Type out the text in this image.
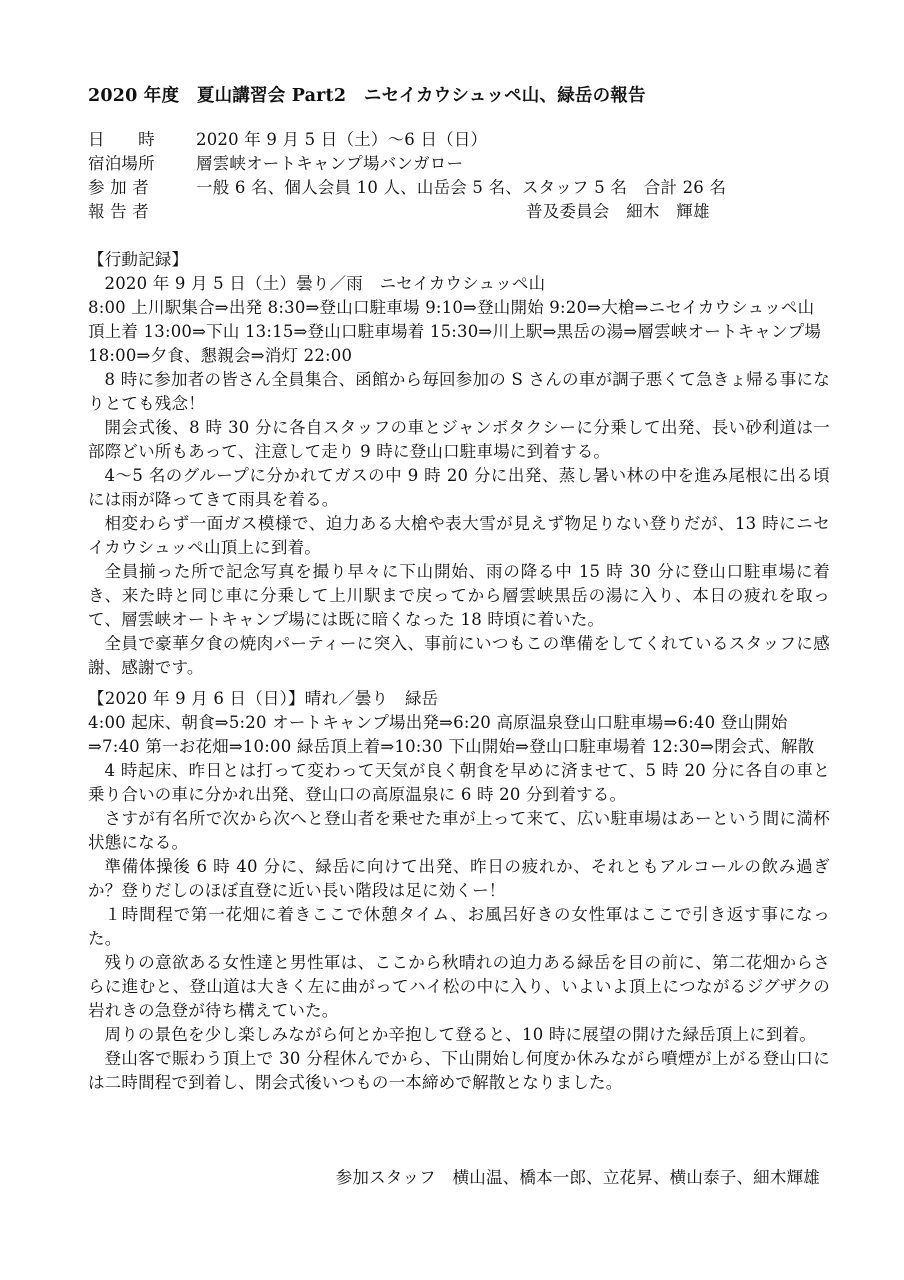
2020 年度　夏山講習会 Part2　ニセイカウシュッペ山、緑岳の報告
日　　時	2020 年 9 月 5 日（土）～6 日（日）
宿泊場所	層雲峡オートキャンプ場バンガロー
参 加 者	一般 6 名、個人会員 10 人、山岳会 5 名、スタッフ 5 名　合計 26 名
報 告 者	普及委員会　細木　輝雄

【行動記録】

2020 年 9 月 5 日（土）曇り／雨　ニセイカウシュッペ山

8:00 上川駅集合⇒出発 8:30⇒登山口駐車場 9:10⇒登山開始 9:20⇒大槍⇒ニセイカウシュッペ山頂上着 13:00⇒下山 13:15⇒登山口駐車場着 15:30⇒川上駅⇒黒岳の湯⇒層雲峡オートキャンプ場 18:00⇒夕食、懇親会⇒消灯 22:00

8 時に参加者の皆さん全員集合、函館から毎回参加の S さんの車が調子悪くて急きょ帰る事になりとても残念！

開会式後、8 時 30 分に各自スタッフの車とジャンボタクシーに分乗して出発、長い砂利道は一部際どい所もあって、注意して走り 9 時に登山口駐車場に到着する。

4～5 名のグループに分かれてガスの中 9 時 20 分に出発、蒸し暑い林の中を進み尾根に出る頃には雨が降ってきて雨具を着る。

相変わらず一面ガス模様で、迫力ある大槍や表大雪が見えず物足りない登りだが、13 時にニセイカウシュッペ山頂上に到着。

全員揃った所で記念写真を撮り早々に下山開始、雨の降る中 15 時 30 分に登山口駐車場に着き、来た時と同じ車に分乗して上川駅まで戻ってから層雲峡黒岳の湯に入り、本日の疲れを取って、層雲峡オートキャンプ場には既に暗くなった 18 時頃に着いた。

全員で豪華夕食の焼肉パーティーに突入、事前にいつもこの準備をしてくれているスタッフに感謝、感謝です。

【2020 年 9 月 6 日（日）】晴れ／曇り　緑岳

4:00 起床、朝食⇒5:20 オートキャンプ場出発⇒6:20 高原温泉登山口駐車場⇒6:40 登山開始⇒7:40 第一お花畑⇒10:00 緑岳頂上着⇒10:30 下山開始⇒登山口駐車場着 12:30⇒閉会式、解散

4 時起床、昨日とは打って変わって天気が良く朝食を早めに済ませて、5 時 20 分に各自の車と乗り合いの車に分かれ出発、登山口の高原温泉に 6 時 20 分到着する。

さすが有名所で次から次へと登山者を乗せた車が上って来て、広い駐車場はあーという間に満杯状態になる。

準備体操後 6 時 40 分に、緑岳に向けて出発、昨日の疲れか、それともアルコールの飲み過ぎか？登りだしのほぼ直登に近い長い階段は足に効くー！

１時間程で第一花畑に着きここで休憩タイム、お風呂好きの女性軍はここで引き返す事になった。

残りの意欲ある女性達と男性軍は、ここから秋晴れの迫力ある緑岳を目の前に、第二花畑からさらに進むと、登山道は大きく左に曲がってハイ松の中に入り、いよいよ頂上につながるジグザクの岩れきの急登が待ち構えていた。

周りの景色を少し楽しみながら何とか辛抱して登ると、10 時に展望の開けた緑岳頂上に到着。

登山客で賑わう頂上で 30 分程休んでから、下山開始し何度か休みながら噴煙が上がる登山口には二時間程で到着し、閉会式後いつもの一本締めで解散となりました。

参加スタッフ　横山温、橋本一郎、立花昇、横山泰子、細木輝雄
